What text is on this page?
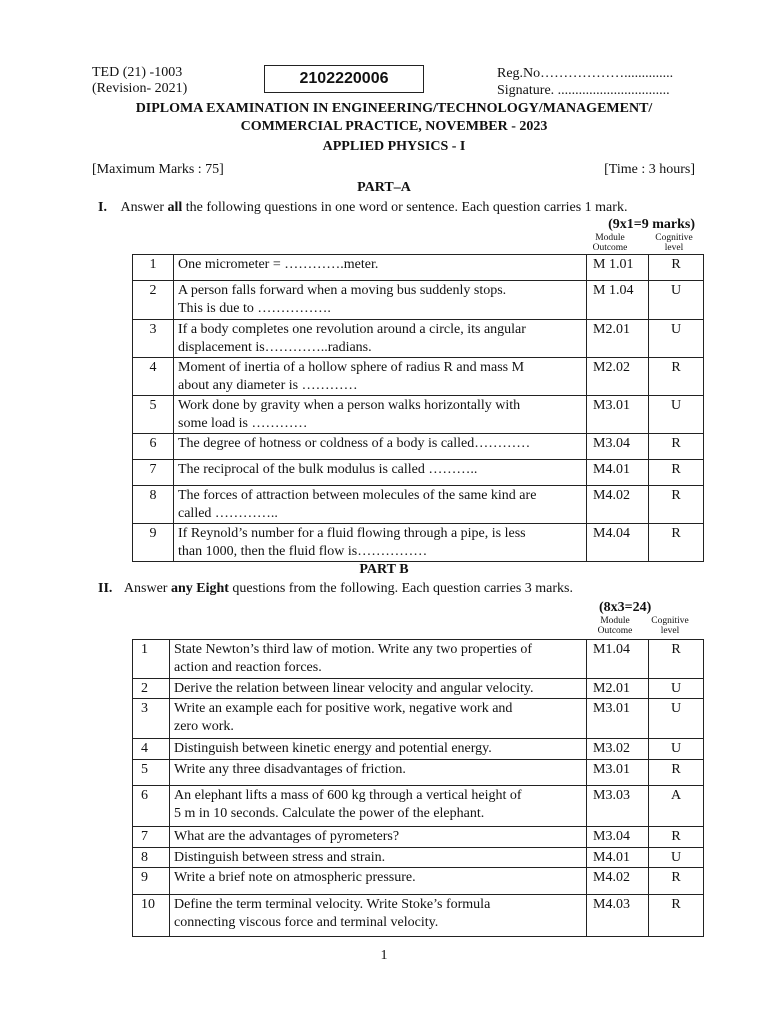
TED (21) -1003
(Revision- 2021)
2102220006	Reg.No………………..............
Signature. ................................
DIPLOMA EXAMINATION IN ENGINEERING/TECHNOLOGY/MANAGEMENT/
COMMERCIAL PRACTICE, NOVEMBER - 2023
APPLIED PHYSICS - I
[Maximum Marks : 75]	[Time : 3 hours]
PART–A
I. Answer all the following questions in one word or sentence. Each question carries 1 mark.
(9x1=9 marks)
Module
Outcome
Cognitive
level
1	One micrometer = ………….meter.	M 1.01	R
2	A person falls forward when a moving bus suddenly stops.
This is due to …………….	M 1.04	U
3	If a body completes one revolution around a circle, its angular
displacement is…………..radians.	M2.01	U
4	Moment of inertia of a hollow sphere of radius R and mass M
about any diameter is …………	M2.02	R
5	Work done by gravity when a person walks horizontally with
some load is …………	M3.01	U
6	The degree of hotness or coldness of a body is called…………	M3.04	R
7	The reciprocal of the bulk modulus is called ………..	M4.01	R
8	The forces of attraction between molecules of the same kind are
called …………..	M4.02	R
9	If Reynold’s number for a fluid flowing through a pipe, is less
than 1000, then the fluid flow is……………	M4.04	R
PART B
II. Answer any Eight questions from the following. Each question carries 3 marks.
(8x3=24)
Module
Outcome
Cognitive
level
1	State Newton’s third law of motion. Write any two properties of
action and reaction forces.	M1.04	R
2	Derive the relation between linear velocity and angular velocity.	M2.01	U
3	Write an example each for positive work, negative work and
zero work.	M3.01	U
4	Distinguish between kinetic energy and potential energy.	M3.02	U
5	Write any three disadvantages of friction.	M3.01	R
6	An elephant lifts a mass of 600 kg through a vertical height of
5 m in 10 seconds. Calculate the power of the elephant.	M3.03	A
7	What are the advantages of pyrometers?	M3.04	R
8	Distinguish between stress and strain.	M4.01	U
9	Write a brief note on atmospheric pressure.	M4.02	R
10	Define the term terminal velocity. Write Stoke’s formula
connecting viscous force and terminal velocity.	M4.03	R
1
